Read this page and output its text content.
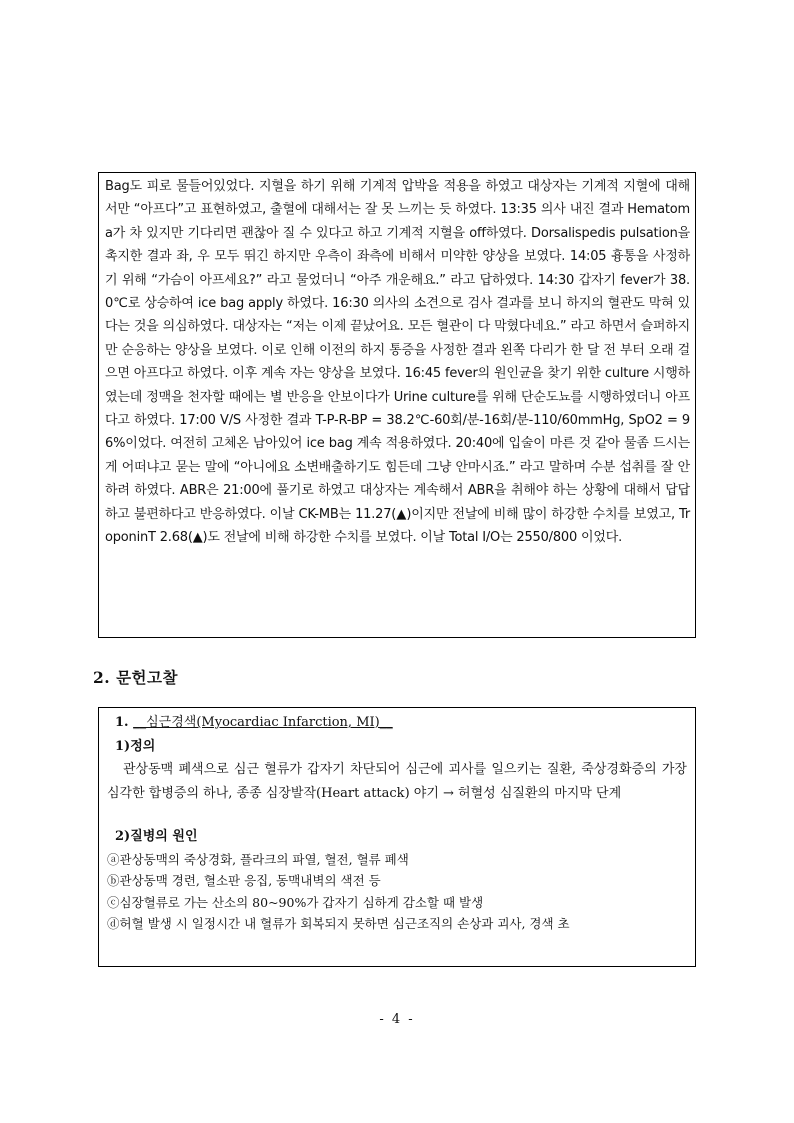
Bag도 피로 물들어있었다. 지혈을 하기 위해 기계적 압박을 적용을 하였고 대상자는 기계적 지혈에 대해서만 “아프다”고 표현하였고, 출혈에 대해서는 잘 못 느끼는 듯 하였다. 13:35 의사 내진 결과 Hematoma가 차 있지만 기다리면 괜찮아 질 수 있다고 하고 기계적 지혈을 off하였다. Dorsalispedis pulsation을 촉지한 결과 좌, 우 모두 뛰긴 하지만 우측이 좌측에 비해서 미약한 양상을 보였다. 14:05 흉통을 사정하기 위해 “가슴이 아프세요?” 라고 물었더니 “아주 개운해요.” 라고 답하였다. 14:30 갑자기 fever가 38.0℃로 상승하여 ice bag apply 하였다. 16:30 의사의 소견으로 검사 결과를 보니 하지의 혈관도 막혀 있다는 것을 의심하였다. 대상자는 “저는 이제 끝났어요. 모든 혈관이 다 막혔다네요.” 라고 하면서 슬퍼하지만 순응하는 양상을 보였다. 이로 인해 이전의 하지 통증을 사정한 결과 왼쪽 다리가 한 달 전 부터 오래 걸으면 아프다고 하였다. 이후 계속 자는 양상을 보였다. 16:45 fever의 원인균을 찾기 위한 culture 시행하였는데 정맥을 천자할 때에는 별 반응을 안보이다가 Urine culture를 위해 단순도뇨를 시행하였더니 아프다고 하였다. 17:00 V/S 사정한 결과 T-P-R-BP = 38.2℃-60회/분-16회/분-110/60mmHg, SpO2 = 96%이었다. 여전히 고체온 남아있어 ice bag 계속 적용하였다. 20:40에 입술이 마른 것 같아 물좀 드시는 게 어떠냐고 묻는 말에 “아니에요 소변배출하기도 힘든데 그냥 안마시죠.” 라고 말하며 수분 섭취를 잘 안하려 하였다. ABR은 21:00에 풀기로 하였고 대상자는 계속해서 ABR을 취해야 하는 상황에 대해서 답답하고 불편하다고 반응하였다. 이날 CK-MB는 11.27(▲)이지만 전날에 비해 많이 하강한 수치를 보였고, TroponinT 2.68(▲)도 전날에 비해 하강한 수치를 보였다. 이날 Total I/O는 2550/800 이었다.

2. 문헌고찰
1. __심근경색(Myocardiac Infarction, MI)__
1)정의

관상동맥 폐색으로 심근 혈류가 갑자기 차단되어 심근에 괴사를 일으키는 질환, 죽상경화증의 가장 심각한 합병증의 하나, 종종 심장발작(Heart attack) 야기 → 허혈성 심질환의 마지막 단계

2)질병의 원인
ⓐ관상동맥의 죽상경화, 플라크의 파열, 혈전, 혈류 폐색
ⓑ관상동맥 경련, 혈소판 응집, 동맥내벽의 색전 등
ⓒ심장혈류로 가는 산소의 80~90%가 갑자기 심하게 감소할 때 발생
ⓓ허혈 발생 시 일정시간 내 혈류가 회복되지 못하면 심근조직의 손상과 괴사, 경색 초
- 4 -
